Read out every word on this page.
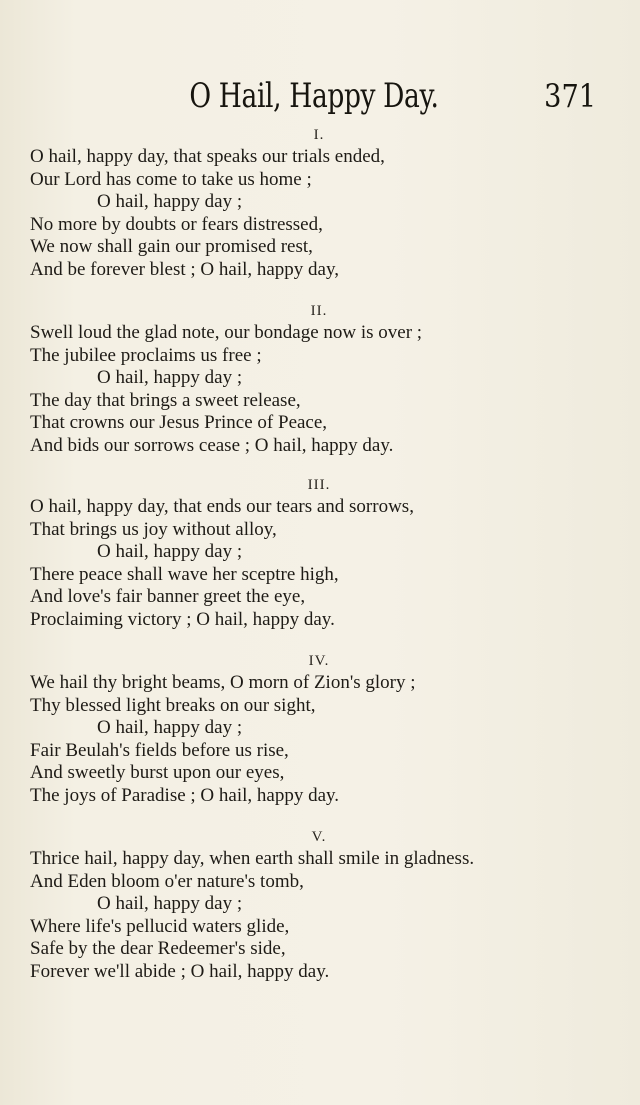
O Hail, Happy Day.	371
I.
O hail, happy day, that speaks our trials ended,
Our Lord has come to take us home ;
O hail, happy day ;
No more by doubts or fears distressed,
We now shall gain our promised rest,
And be forever blest ; O hail, happy day,
II.
Swell loud the glad note, our bondage now is over ;
The jubilee proclaims us free ;
O hail, happy day ;
The day that brings a sweet release,
That crowns our Jesus Prince of Peace,
And bids our sorrows cease ; O hail, happy day.
III.
O hail, happy day, that ends our tears and sorrows,
That brings us joy without alloy,
O hail, happy day ;
There peace shall wave her sceptre high,
And love's fair banner greet the eye,
Proclaiming victory ; O hail, happy day.
IV.
We hail thy bright beams, O morn of Zion's glory ;
Thy blessed light breaks on our sight,
O hail, happy day ;
Fair Beulah's fields before us rise,
And sweetly burst upon our eyes,
The joys of Paradise ; O hail, happy day.
V.
Thrice hail, happy day, when earth shall smile in gladness.
And Eden bloom o'er nature's tomb,
O hail, happy day ;
Where life's pellucid waters glide,
Safe by the dear Redeemer's side,
Forever we'll abide ; O hail, happy day.
